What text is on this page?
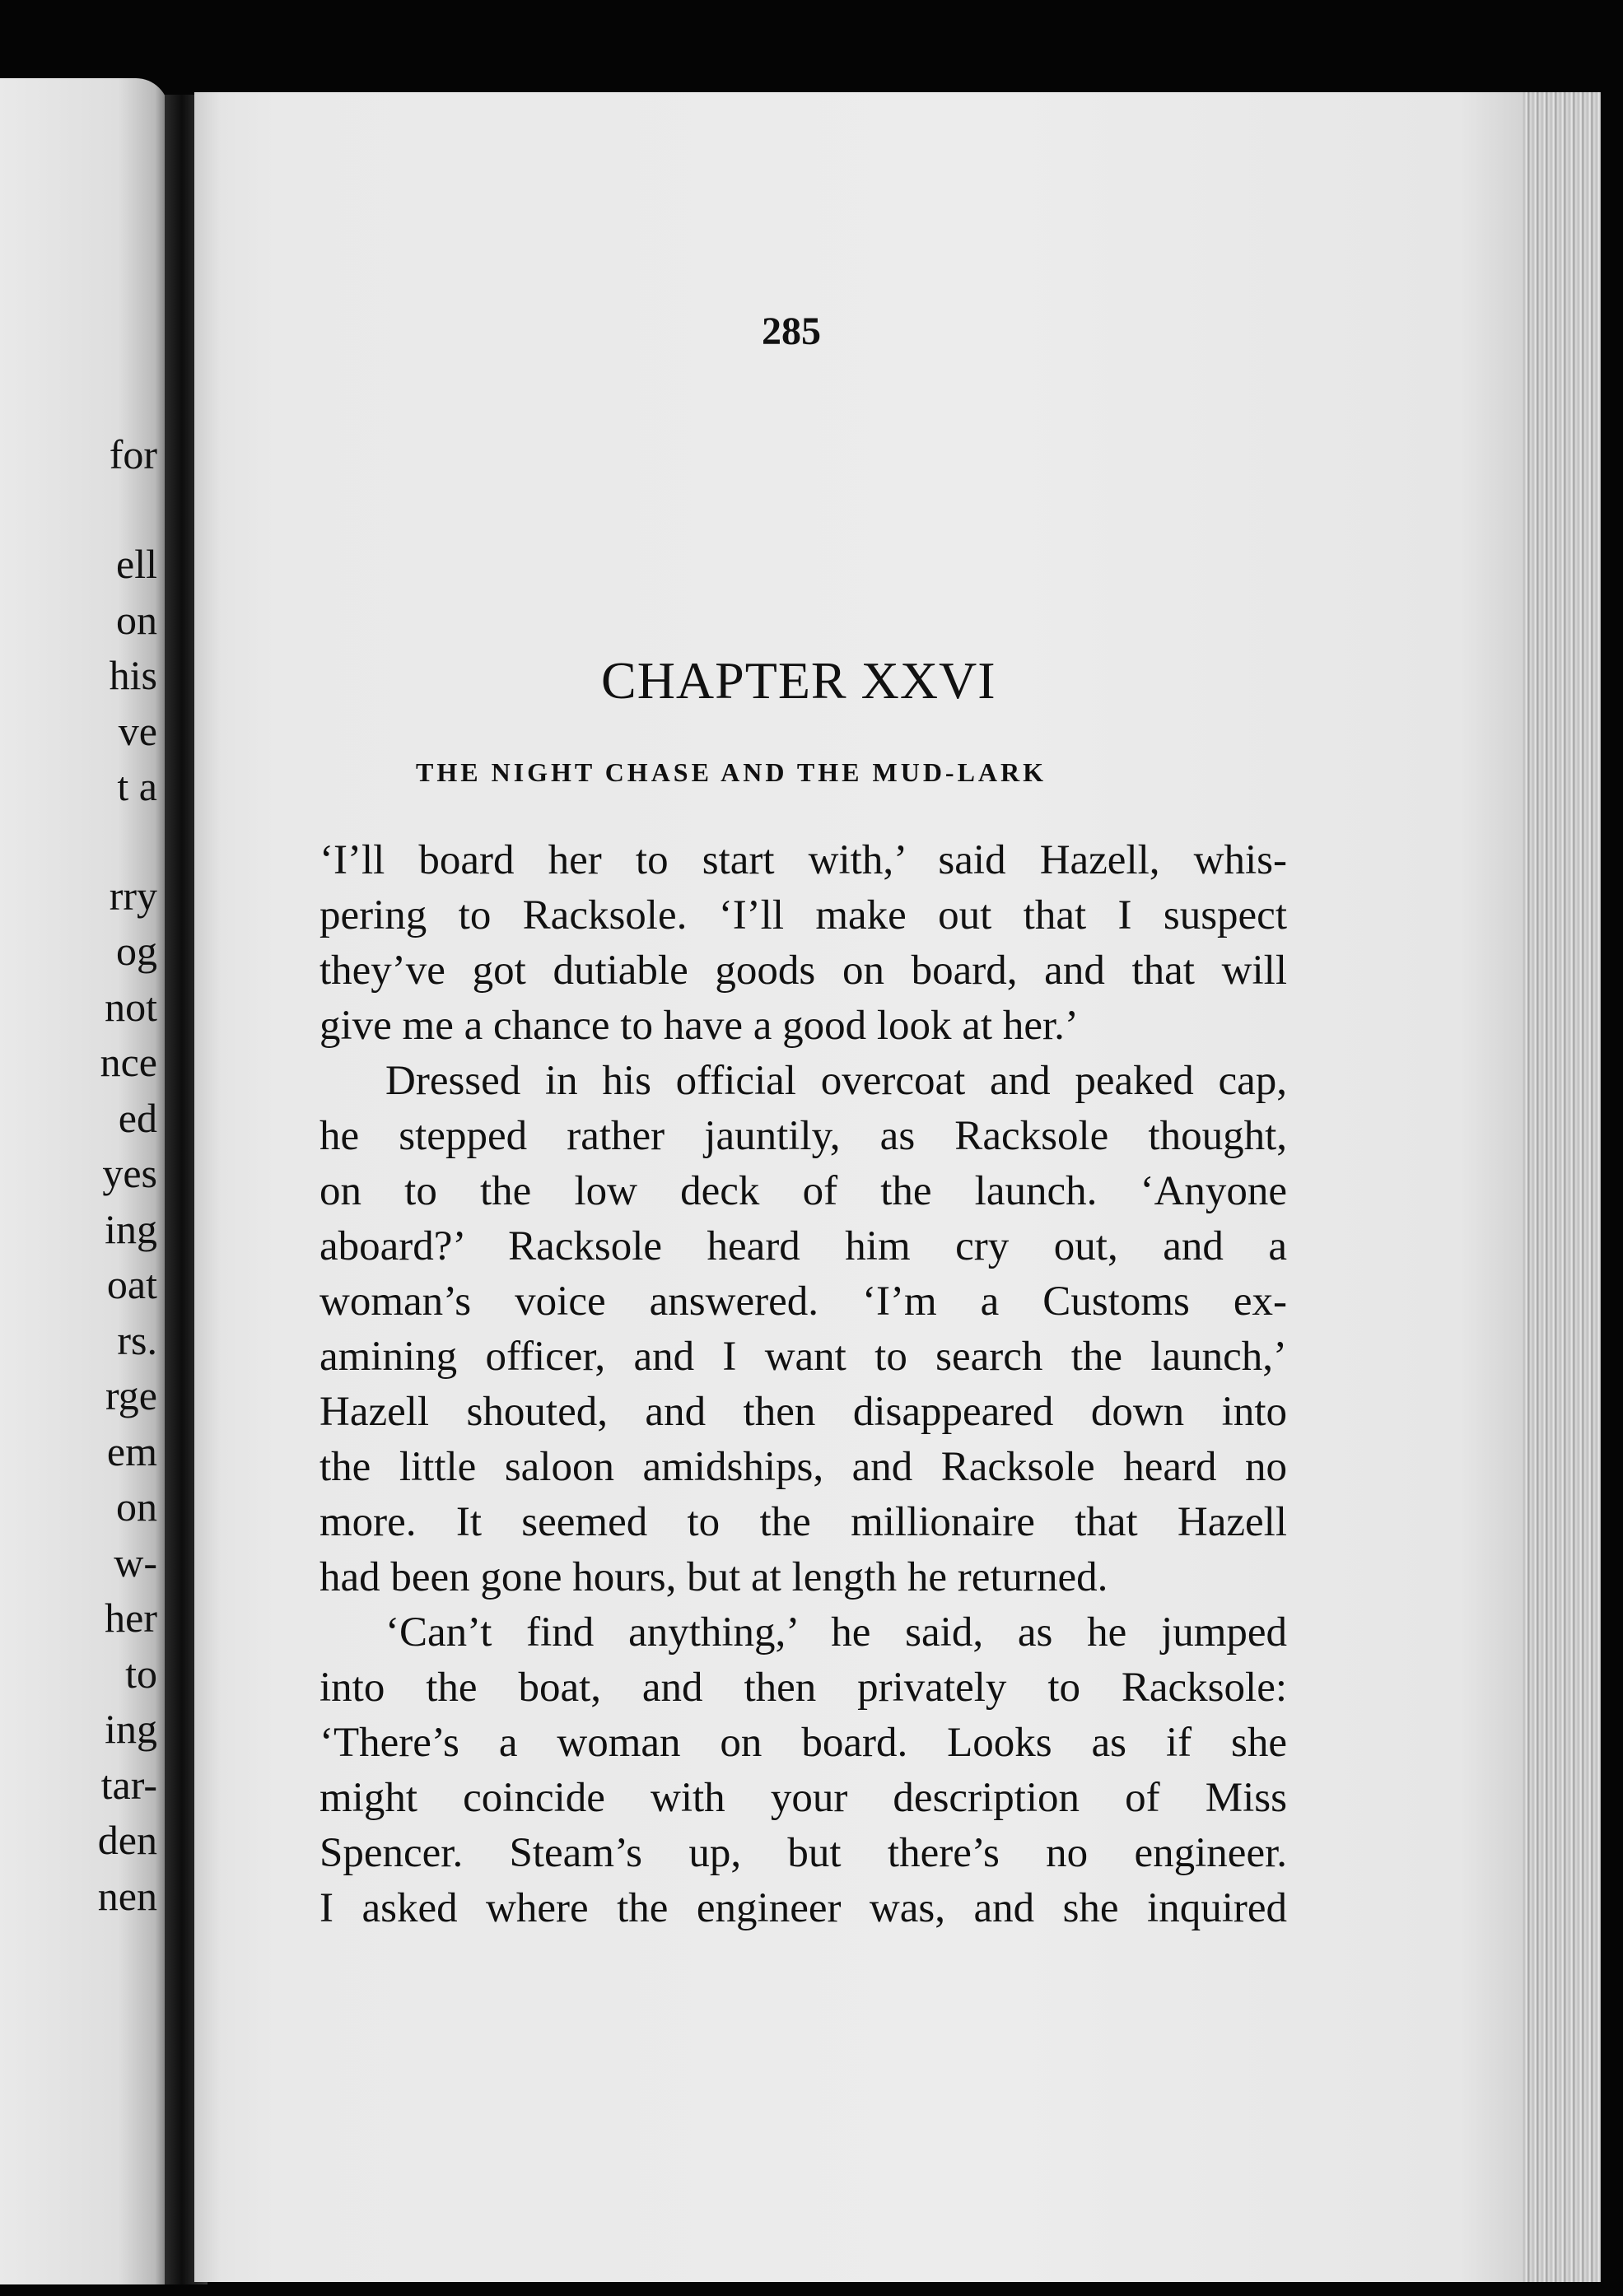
for
ell
on
his
ve
t a
rry
og
not
nce
ed
yes
ing
oat
rs.
rge
em
on
w-
her
to
ing
tar-
den
nen
285
CHAPTER XXVI
THE NIGHT CHASE AND THE MUD-LARK
‘I’ll board her to start with,’ said Hazell, whis-
pering to Racksole. ‘I’ll make out that I suspect
they’ve got dutiable goods on board, and that will
give me a chance to have a good look at her.’
Dressed in his official overcoat and peaked cap,
he stepped rather jauntily, as Racksole thought,
on to the low deck of the launch. ‘Anyone
aboard?’ Racksole heard him cry out, and a
woman’s voice answered. ‘I’m a Customs ex-
amining officer, and I want to search the launch,’
Hazell shouted, and then disappeared down into
the little saloon amidships, and Racksole heard no
more. It seemed to the millionaire that Hazell
had been gone hours, but at length he returned.
‘Can’t find anything,’ he said, as he jumped
into the boat, and then privately to Racksole:
‘There’s a woman on board. Looks as if she
might coincide with your description of Miss
Spencer. Steam’s up, but there’s no engineer.
I asked where the engineer was, and she inquired
